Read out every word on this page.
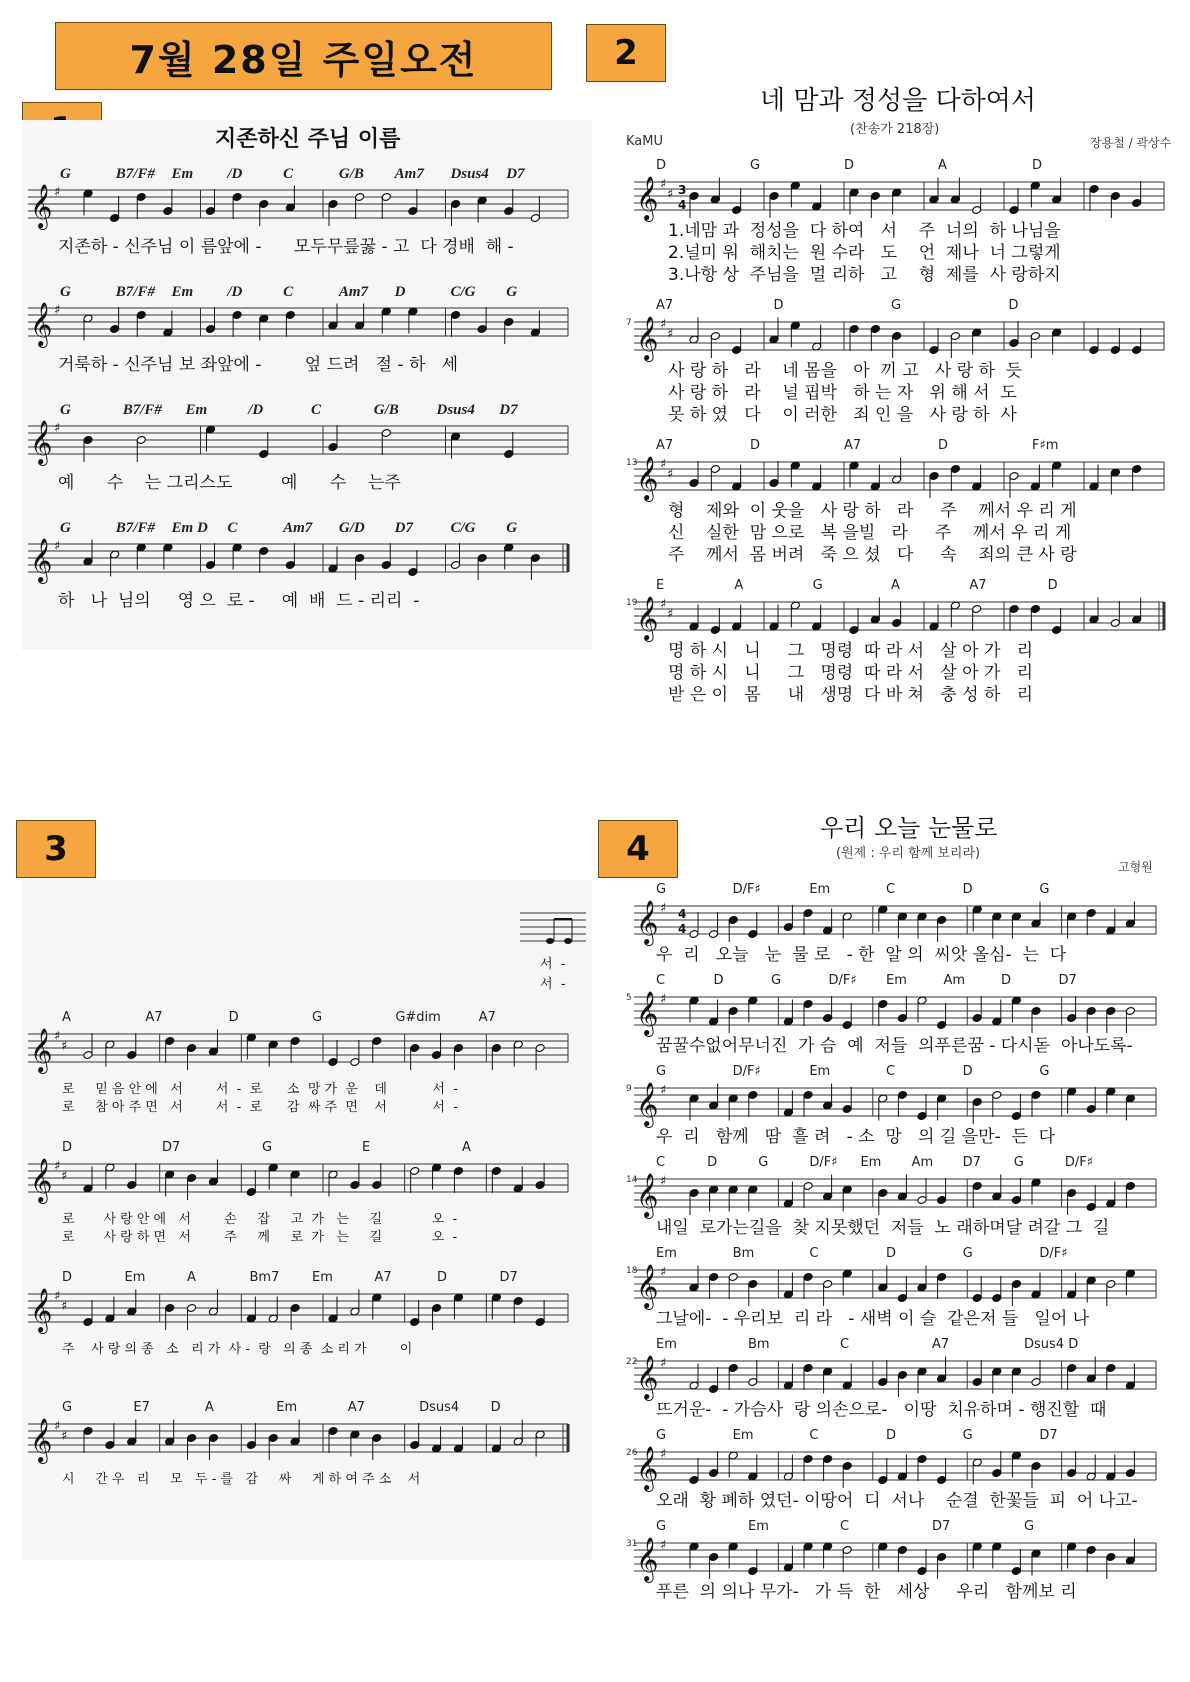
7월 28일 주일오전	2
3	4
지존하신 주님 이름
𝄞 ♯
𝄞 ♯
𝄞 ♯
𝄞 ♯
G	B7/F# Em /D	C	G/B Am7 Dsus4 D7
지존하 - 신주님 이 름앞에 -      모두무릎꿇 - 고  다 경배  해 -
G	B7/F# Em /D	C	Am7 D	C/G G
거룩하 - 신주님 보 좌앞에 -        엎 드려   절 - 하   세
G	B7/F# Em	/D	C	G/B	Dsus4 D7
예      수    는 그리스도         예      수    는주
G	B7/F# Em D C	Am7 G/D D7 C/G G
하   나  님의     영 으  로 -     예  배  드 - 리리  -
네 맘과 정성을 다하여서
(찬송가 218장)
KaMU	장용철 / 곽상수
𝄞 ♯
♯ 3
4
𝄞 ♯
♯
𝄞 ♯
♯
𝄞 ♯
♯
D	G	D	A	D
1.네맘 과  정성을  다 하여   서    주  너의  하 나님을
2.널미 워  해치는  원 수라   도    언  제나  너 그렇게
3.나항 상  주님을  멀 리하   고    형  제를  사 랑하지
7
A7	D	G	D
사 랑 하   라    네 몸을   아  끼 고   사 랑 하  듯
사 랑 하   라    널 핍박   하 는 자   위 해 서  도
못 하 였   다    이 러한   죄 인 을   사 랑 하  사
13
A7	D	A7	D	F♯m
형    제와  이 웃을   사 랑 하   라     주    께서 우 리 게
신    실한  맘 으로   복 을빌   라     주    께서 우 리 게
주    께서  몸 버려   죽 으 셨   다     속    죄의 큰 사 랑
19
E	A	G	A	A7	D
명 하 시   니     그   명령  따 라 서   살 아 가   리
명 하 시   니     그   명령  따 라 서   살 아 가   리
받 은 이   몸     내   생명  다 바 쳐   충 성 하   리
서  -
서  -
𝄞 ♯
♯
𝄞 ♯
♯
𝄞 ♯
♯
𝄞 ♯
♯
A	A7	D	G	G#dim	A7
로     믿 음 안 에   서        서  -  로      소  망 가  운    데           서  -
로     참 아 주 면   서        서  -  로      감  싸 주  면    서           서  -
D	D7	G	E	A
로       사 랑 안 에   서        손     잡     고  가   는     길            오  -
로       사 랑 하 면   서        주     께     로  가   는     길            오  -
D	Em	A	Bm7	Em	A7	D	D7
주    사 랑 의 종   소   리 가  사 -  랑   의 종  소 리 가        이
G	E7	A	Em	A7	Dsus4 D
시     간 우   리     모   두 - 를   감     싸     게 하 여 주 소    서
우리 오늘 눈물로
(원제 : 우리 함께 보리라)
고형원
𝄞 ♯ 4
4
𝄞 ♯
𝄞 ♯
𝄞 ♯
𝄞 ♯
𝄞 ♯
𝄞 ♯
𝄞 ♯
G	D/F♯	Em	C	D	G
우  리   오늘   눈  물 로   - 한  알 의  씨앗 올심-  는  다
5
C	D	G	D/F♯ Em	Am	D	D7
꿈꿀수없어무너진  가 슴  예  저들  의푸른꿈 - 다시돋  아나도록-
9
G	D/F♯	Em	C	D	G
우  리   함께   땀  흘 려   - 소  망   의 길 을만-  든  다
14
C	D	G	D/F♯ Em Am D7	G	D/F♯
내일  로가는길을  찾 지못했던  저들  노 래하며달 려갈 그  길
18
Em	Bm	C	D	G	D/F♯
그날에-  - 우리보  리 라   - 새벽 이 슬  같은저 들   일어 나
22
Em	Bm	C	A7	Dsus4 D
뜨거운-  - 가슴사  랑 의손으로-   이땅  치유하며 - 행진할  때
26
G	Em	C	D	G	D7
오래  황 폐하 였던- 이땅어  디  서나    순결  한꽃들  피  어 나고-
31
G	Em	C	D7	G
푸른  의 의나 무가-   가 득  한   세상     우리   함께보 리
